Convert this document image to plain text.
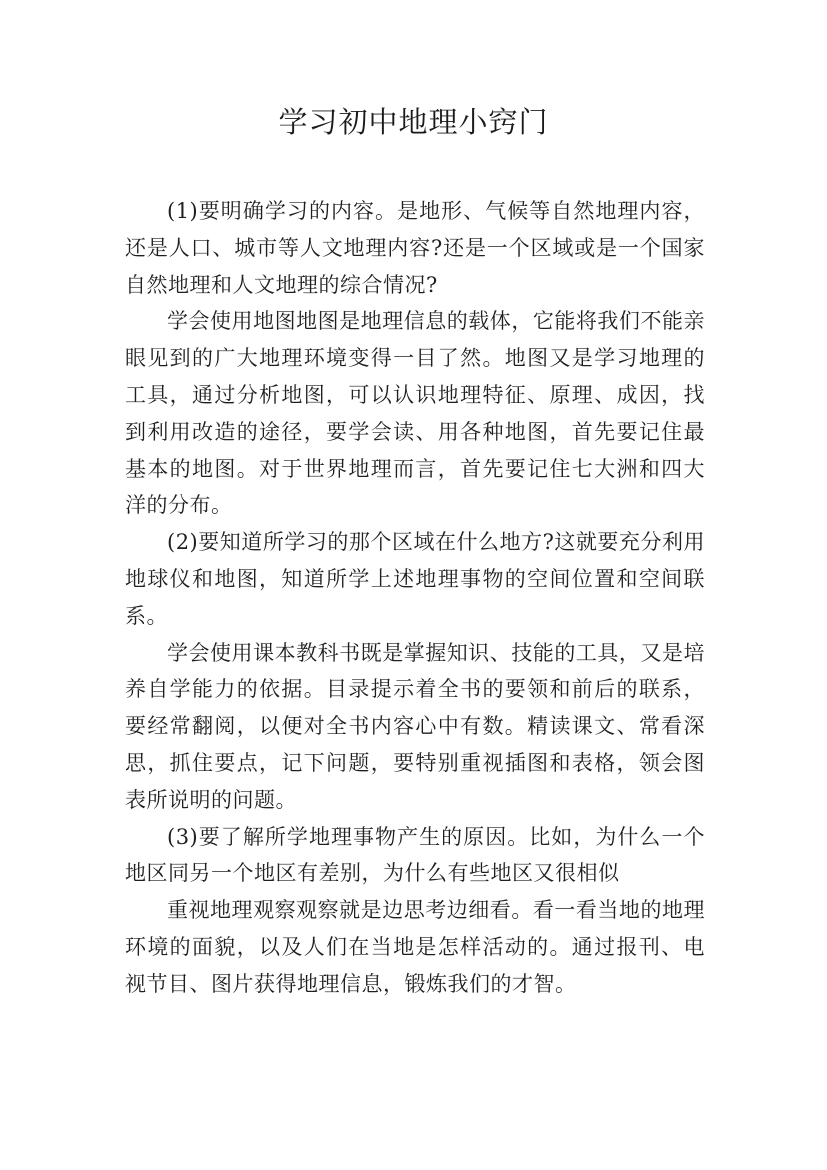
学习初中地理小窍门

(1)要明确学习的内容。是地形、气候等自然地理内容，还是人口、城市等人文地理内容?还是一个区域或是一个国家自然地理和人文地理的综合情况?

学会使用地图地图是地理信息的载体，它能将我们不能亲眼见到的广大地理环境变得一目了然。地图又是学习地理的工具，通过分析地图，可以认识地理特征、原理、成因，找到利用改造的途径，要学会读、用各种地图，首先要记住最基本的地图。对于世界地理而言，首先要记住七大洲和四大洋的分布。

(2)要知道所学习的那个区域在什么地方?这就要充分利用地球仪和地图，知道所学上述地理事物的空间位置和空间联系。

学会使用课本教科书既是掌握知识、技能的工具，又是培养自学能力的依据。目录提示着全书的要领和前后的联系，要经常翻阅，以便对全书内容心中有数。精读课文、常看深思，抓住要点，记下问题，要特别重视插图和表格，领会图表所说明的问题。

(3)要了解所学地理事物产生的原因。比如，为什么一个地区同另一个地区有差别，为什么有些地区又很相似

重视地理观察观察就是边思考边细看。看一看当地的地理环境的面貌，以及人们在当地是怎样活动的。通过报刊、电视节目、图片获得地理信息，锻炼我们的才智。
